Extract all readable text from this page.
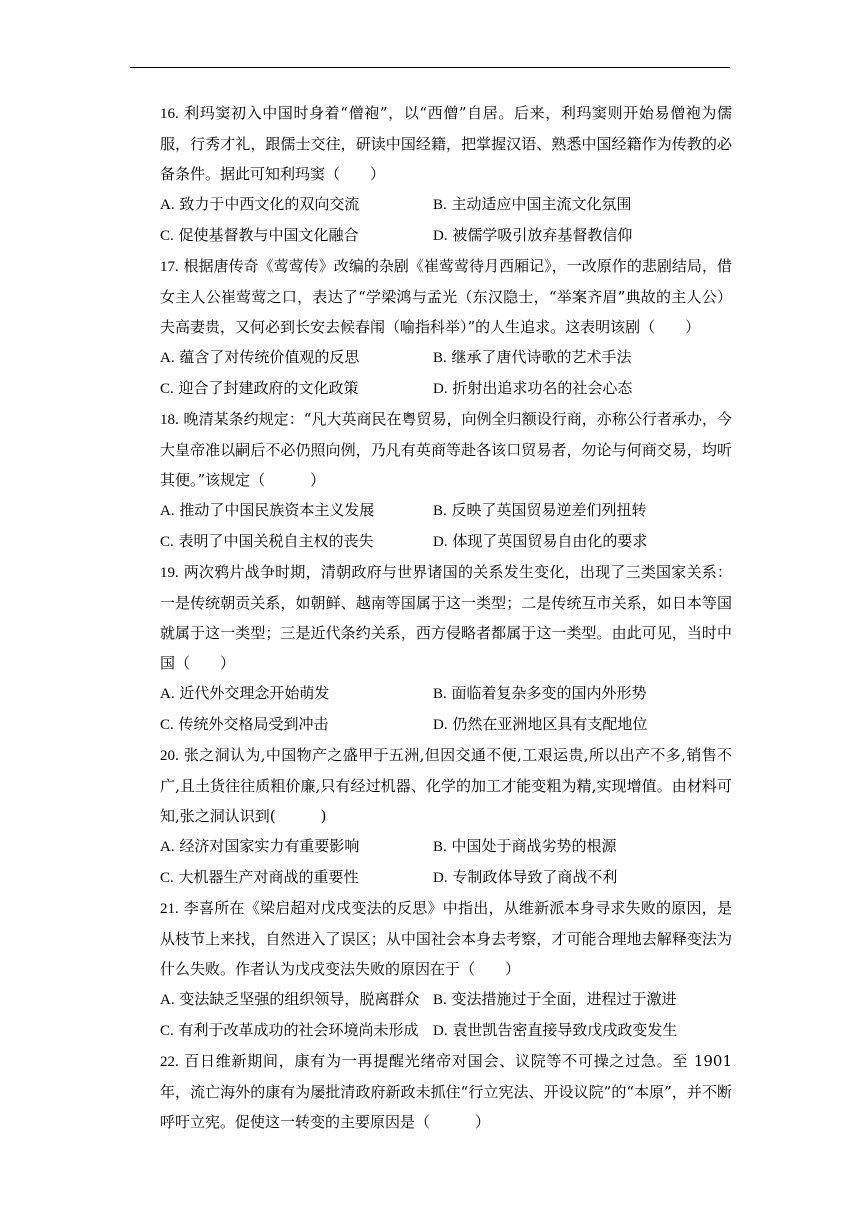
16. 利玛窦初入中国时身着“僧袍”，以“西僧”自居。后来，利玛窦则开始易僧袍为儒服，行秀才礼，跟儒士交往，研读中国经籍，把掌握汉语、熟悉中国经籍作为传教的必备条件。据此可知利玛窦（　　）
A. 致力于中西文化的双向交流	B. 主动适应中国主流文化氛围
C. 促使基督教与中国文化融合	D. 被儒学吸引放弃基督教信仰
17. 根据唐传奇《莺莺传》改编的杂剧《崔莺莺待月西厢记》，一改原作的悲剧结局，借女主人公崔莺莺之口，表达了“学梁鸿与孟光（东汉隐士，“举案齐眉”典故的主人公）夫高妻贵，又何必到长安去候春闱（喻指科举）”的人生追求。这表明该剧（　　）
A. 蕴含了对传统价值观的反思	B. 继承了唐代诗歌的艺术手法
C. 迎合了封建政府的文化政策	D. 折射出追求功名的社会心态
18. 晚清某条约规定：“凡大英商民在粤贸易，向例全归额设行商，亦称公行者承办，今大皇帝准以嗣后不必仍照向例，乃凡有英商等赴各该口贸易者，勿论与何商交易，均听其便。”该规定（　　　）
A. 推动了中国民族资本主义发展	B. 反映了英国贸易逆差们列扭转
C. 表明了中国关税自主权的丧失	D. 体现了英国贸易自由化的要求
19. 两次鸦片战争时期，清朝政府与世界诸国的关系发生变化，出现了三类国家关系：一是传统朝贡关系，如朝鲜、越南等国属于这一类型；二是传统互市关系，如日本等国就属于这一类型；三是近代条约关系，西方侵略者都属于这一类型。由此可见，当时中国（　　）
A. 近代外交理念开始萌发	B. 面临着复杂多变的国内外形势
C. 传统外交格局受到冲击	D. 仍然在亚洲地区具有支配地位
20. 张之洞认为,中国物产之盛甲于五洲,但因交通不便,工艰运贵,所以出产不多,销售不广,且土货往往质粗价廉,只有经过机器、化学的加工才能变粗为精,实现增值。由材料可知,张之洞认识到(　　　)
A. 经济对国家实力有重要影响	B. 中国处于商战劣势的根源
C. 大机器生产对商战的重要性	D. 专制政体导致了商战不利
21. 李喜所在《梁启超对戊戌变法的反思》中指出，从维新派本身寻求失败的原因，是从枝节上来找，自然进入了误区；从中国社会本身去考察，才可能合理地去解释变法为什么失败。作者认为戊戌变法失败的原因在于（　　）
A. 变法缺乏坚强的组织领导，脱离群众 B. 变法措施过于全面，进程过于激进
C. 有利于改革成功的社会环境尚未形成 D. 袁世凯告密直接导致戊戌政变发生
22. 百日维新期间，康有为一再提醒光绪帝对国会、议院等不可操之过急。至 1901 年，流亡海外的康有为屡批清政府新政未抓住“行立宪法、开设议院”的“本原”，并不断呼吁立宪。促使这一转变的主要原因是（　　　）
